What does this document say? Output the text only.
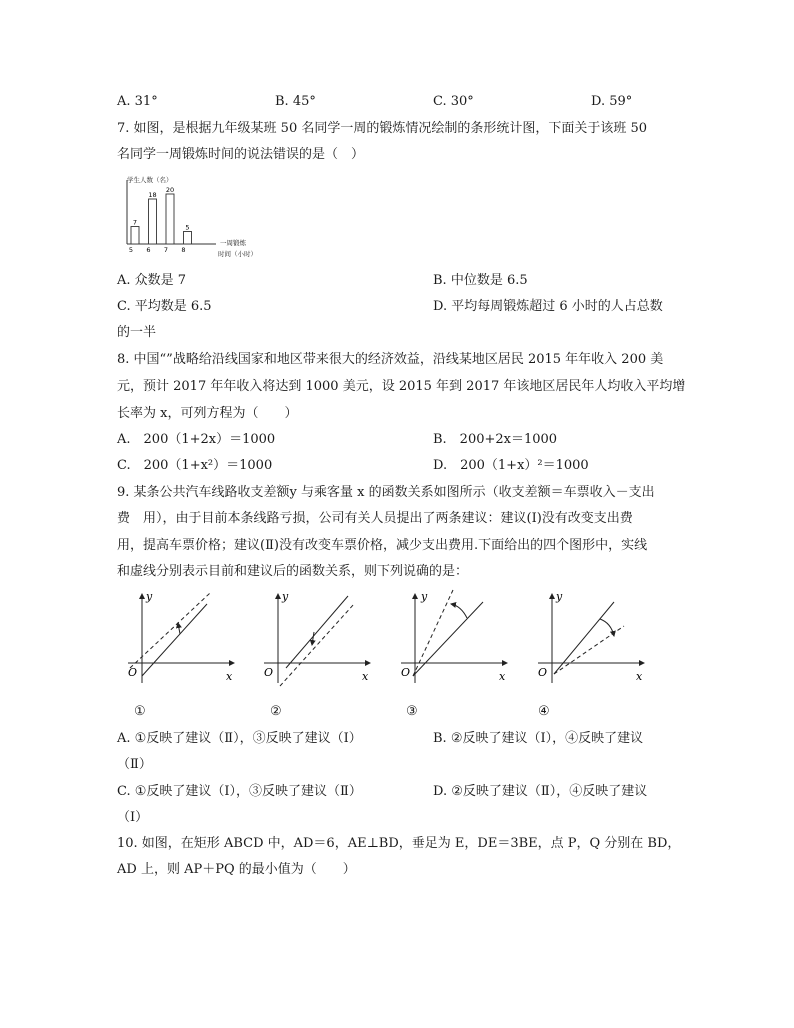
A. 31°	B. 45°	C. 30°	D. 59°
7. 如图，是根据九年级某班 50 名同学一周的锻炼情况绘制的条形统计图，下面关于该班 50
名同学一周锻炼时间的说法错误的是（　）
学生人数（名）
7
5
18
6
20
7
5
8
一周锻炼
时间（小时）
A. 众数是 7	B. 中位数是 6.5
C. 平均数是 6.5	D. 平均每周锻炼超过 6 小时的人占总数
的一半
8. 中国“”战略给沿线国家和地区带来很大的经济效益，沿线某地区居民 2015 年年收入 200 美
元，预计 2017 年年收入将达到 1000 美元，设 2015 年到 2017 年该地区居民年人均收入平均增
长率为 x，可列方程为（　　）
A.　200（1+2x）＝1000	B.　200+2x＝1000
C.　200（1+x²）＝1000	D.　200（1+x）²＝1000
9. 某条公共汽车线路收支差额y 与乘客量 x 的函数关系如图所示（收支差额＝车票收入－支出
费　用），由于目前本条线路亏损，公司有关人员提出了两条建议：建议(Ⅰ)没有改变支出费
用，提高车票价格；建议(Ⅱ)没有改变车票价格，减少支出费用.下面给出的四个图形中，实线
和虚线分别表示目前和建议后的函数关系，则下列说确的是：
y
x
O
y
x
O
y
x
O
y
x
O
①	②	③	④
A. ①反映了建议（Ⅱ），③反映了建议（Ⅰ）	B. ②反映了建议（Ⅰ），④反映了建议
（Ⅱ）
C. ①反映了建议（Ⅰ），③反映了建议（Ⅱ）	D. ②反映了建议（Ⅱ），④反映了建议
（Ⅰ）
10. 如图，在矩形 ABCD 中，AD＝6，AE⊥BD，垂足为 E，DE＝3BE，点 P，Q 分别在 BD，
AD 上，则 AP＋PQ 的最小值为（　　）
